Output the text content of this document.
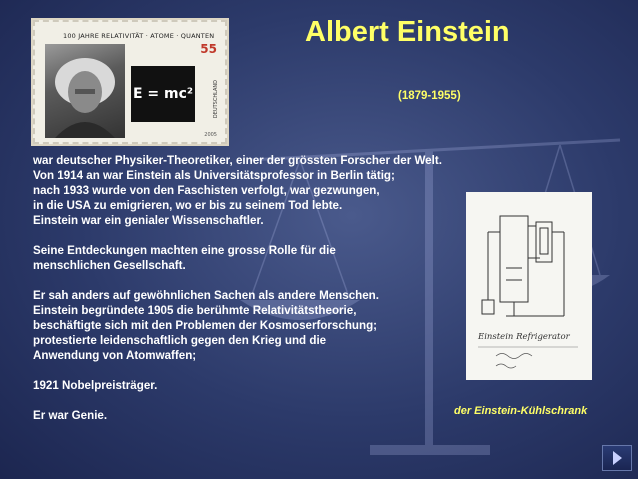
100 JAHRE RELATIVITÄT · ATOME · QUANTEN
E = mc²
55
DEUTSCHLAND
2005
Albert Einstein
(1879-1955)
war deutscher Physiker-Theoretiker, einer der grössten Forscher der Welt.
Von 1914 an war Einstein als Universitätsprofessor in Berlin tätig;
nach 1933 wurde von den Faschisten verfolgt, war gezwungen,
in die USA zu emigrieren, wo er bis zu seinem Tod lebte.
Einstein war ein genialer Wissenschaftler.
Seine Entdeckungen machten eine grosse Rolle für die
menschlichen Gesellschaft.
Er sah anders auf gewöhnlichen Sachen als andere Menschen.
Einstein begründete 1905 die berühmte Relativitätstheorie,
beschäftigte sich mit den Problemen der Kosmoserforschung;
protestierte leidenschaftlich gegen den Krieg und die
Anwendung von Atomwaffen;
1921 Nobelpreisträger.
Er war Genie.
Einstein Refrigerator
der Einstein-Kühlschrank
